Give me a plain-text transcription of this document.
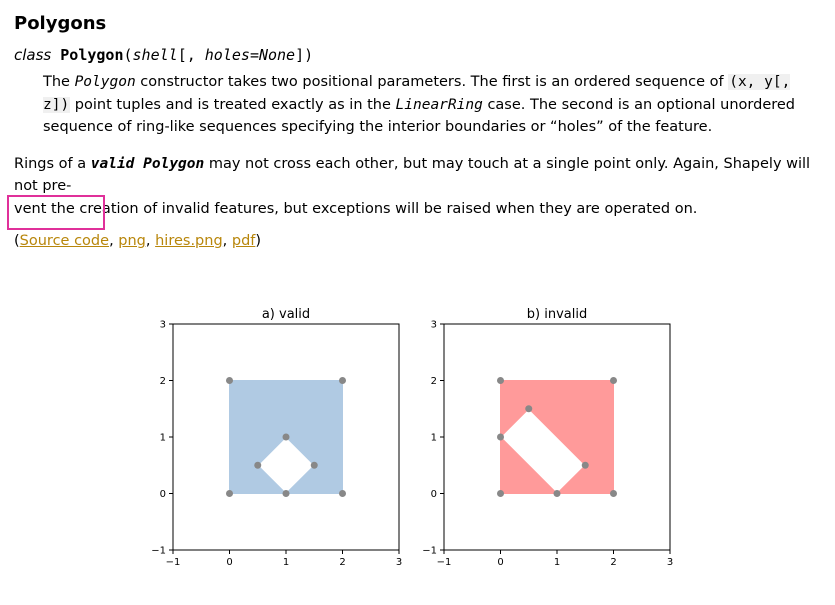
Polygons
class Polygon(shell[, holes=None])
The Polygon constructor takes two positional parameters. The first is an ordered sequence of (x, y[, z]) point tuples and is treated exactly as in the LinearRing case. The second is an optional unordered sequence of ring-like sequences specifying the interior boundaries or “holes” of the feature.
Rings of a valid Polygon may not cross each other, but may touch at a single point only. Again, Shapely will not pre-
vent the creation of invalid features, but exceptions will be raised when they are operated on.
(Source code, png, hires.png, pdf)
−1	0	1	2	3
−1
0
1
2
3
a) valid
−1	0	1	2	3
−1
0
1
2
3
b) invalid
